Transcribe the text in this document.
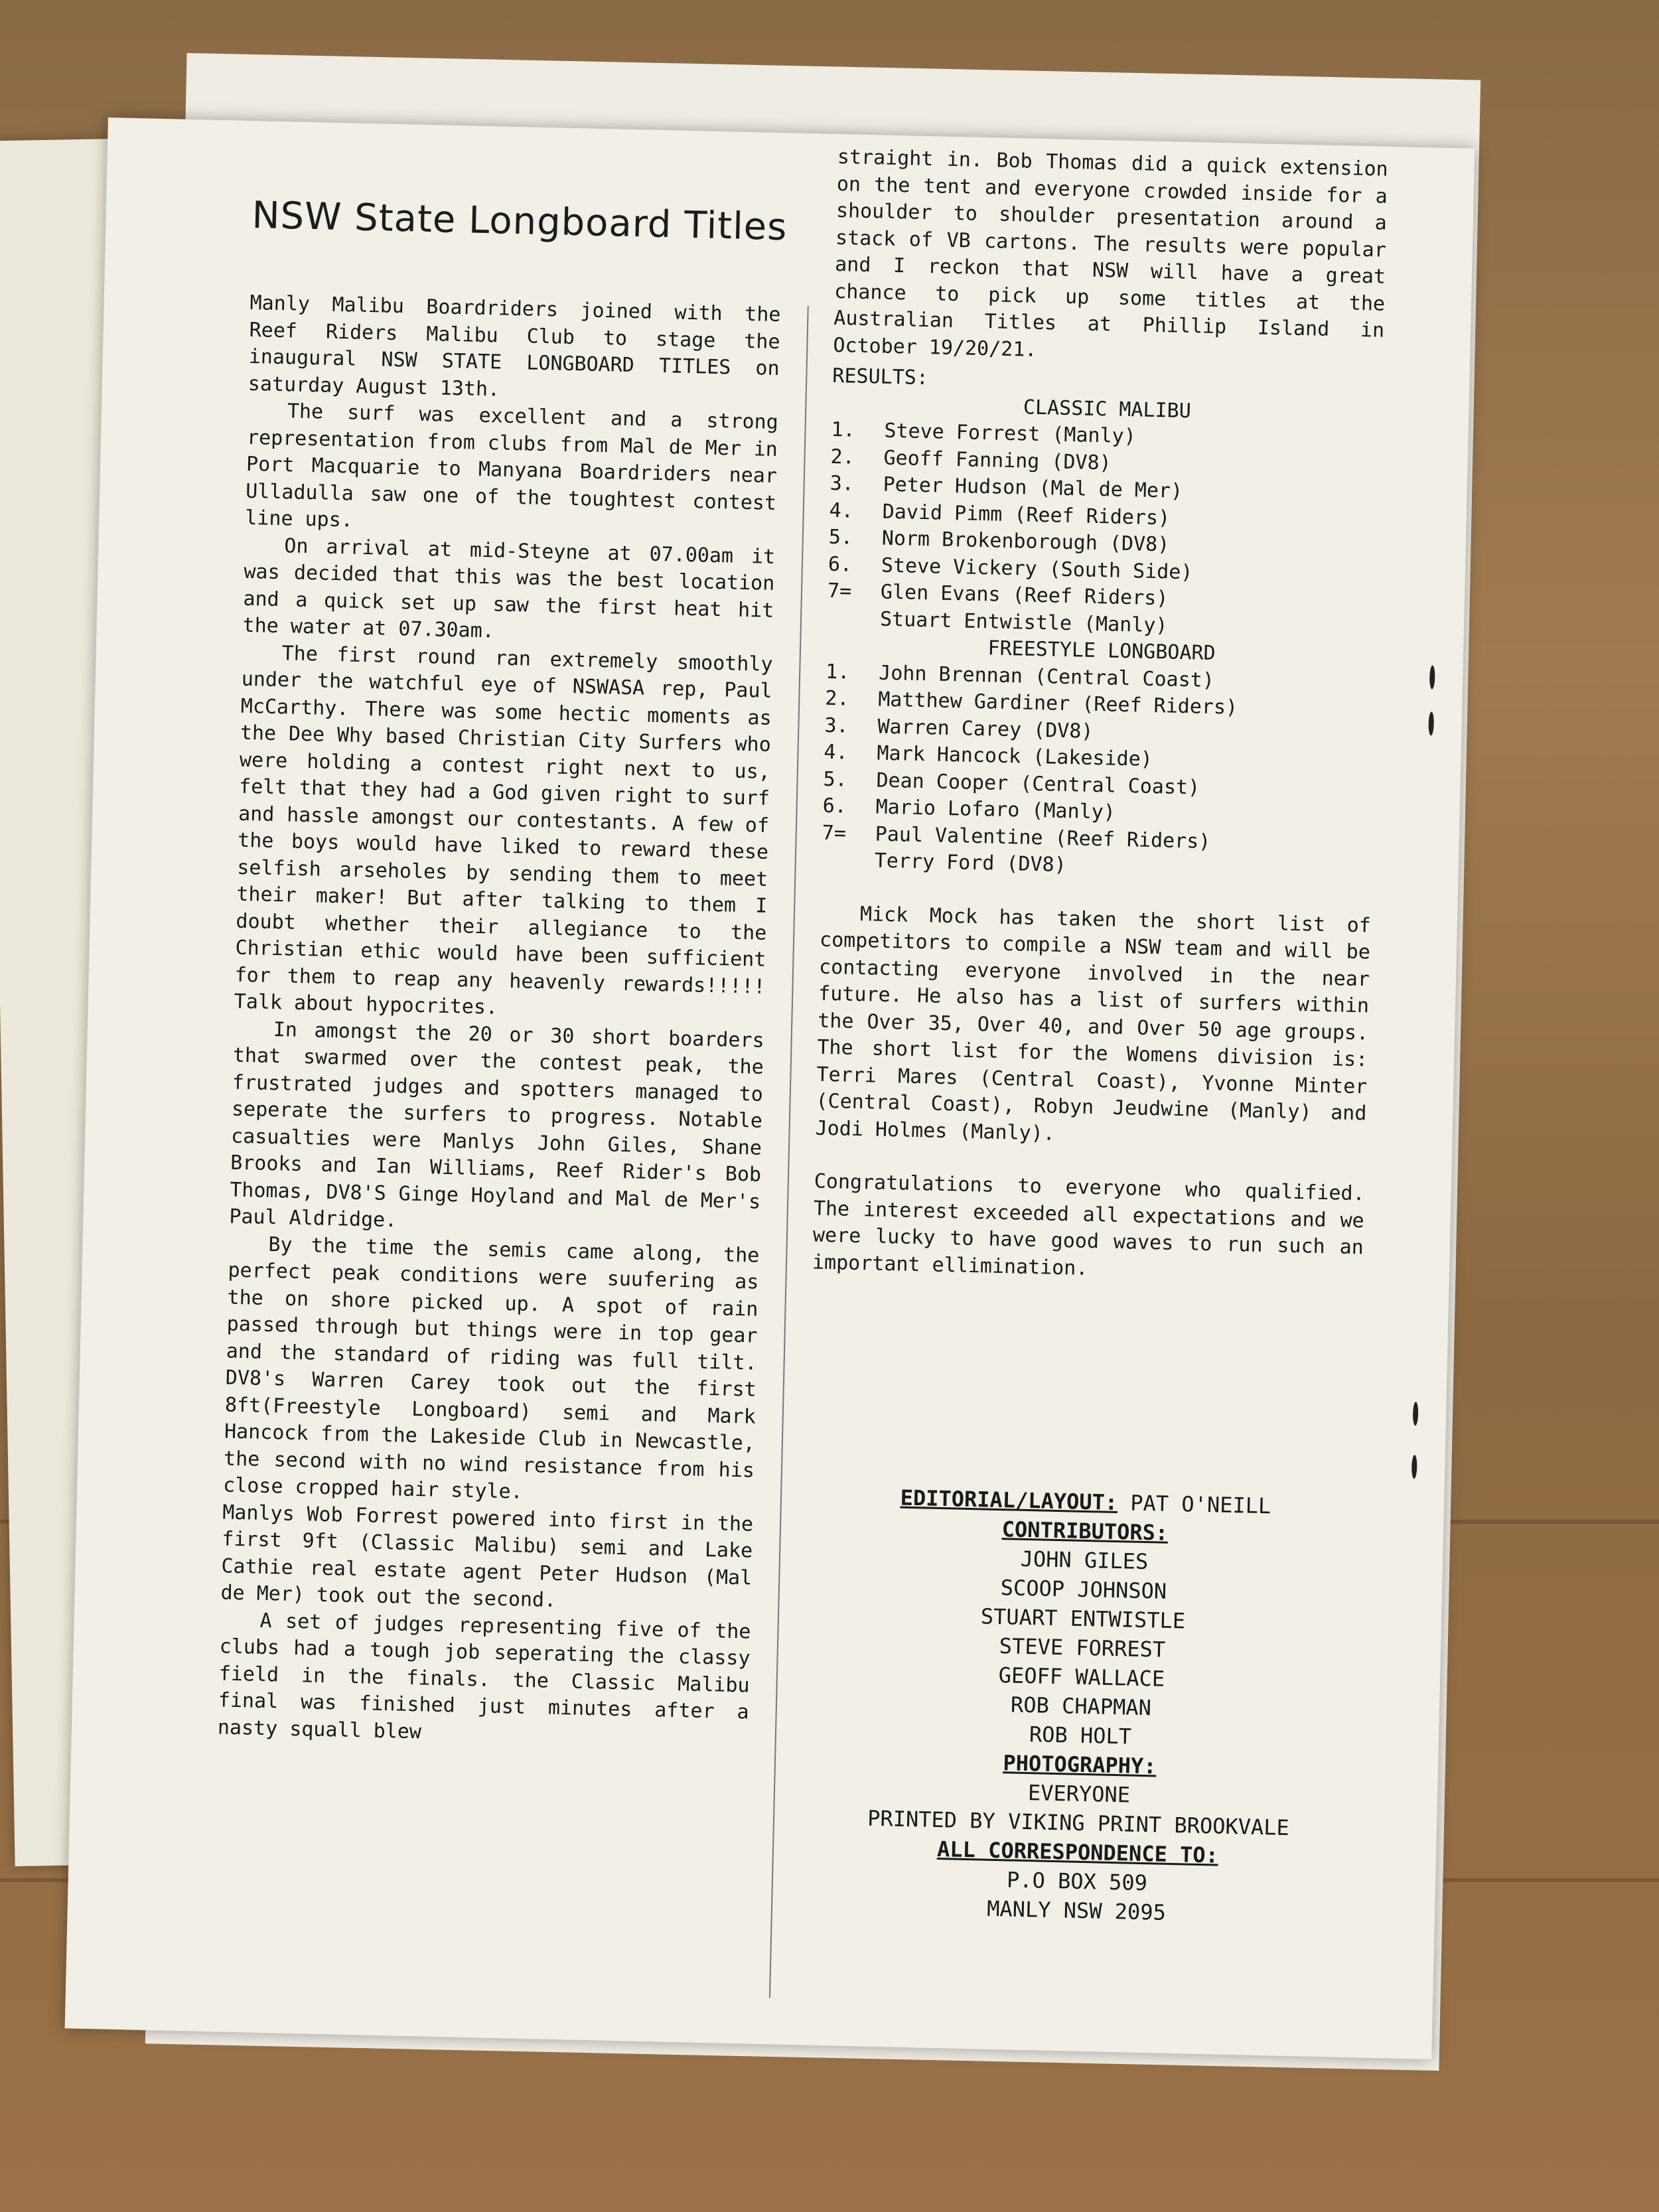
NSW State Longboard Titles

Manly Malibu Boardriders joined with the Reef Riders Malibu Club to stage the inaugural NSW STATE LONGBOARD TITLES on saturday August 13th.

The surf was excellent and a strong representation from clubs from Mal de Mer in Port Macquarie to Manyana Boardriders near Ulladulla saw one of the toughtest contest line ups.

On arrival at mid-Steyne at 07.00am it was decided that this was the best location and a quick set up saw the first heat hit the water at 07.30am.

The first round ran extremely smoothly under the watchful eye of NSWASA rep, Paul McCarthy. There was some hectic moments as the Dee Why based Christian City Surfers who were holding a contest right next to us, felt that they had a God given right to surf and hassle amongst our contestants. A few of the boys would have liked to reward these selfish arseholes by sending them to meet their maker! But after talking to them I doubt whether their allegiance to the Christian ethic would have been sufficient for them to reap any heavenly rewards!!!!! Talk about hypocrites.

In amongst the 20 or 30 short boarders that swarmed over the contest peak, the frustrated judges and spotters managed to seperate the surfers to progress. Notable casualties were Manlys John Giles, Shane Brooks and Ian Williams, Reef Rider's Bob Thomas, DV8'S Ginge Hoyland and Mal de Mer's Paul Aldridge.

By the time the semis came along, the perfect peak conditions were suufering as the on shore picked up. A spot of rain passed through but things were in top gear and the standard of riding was full tilt. DV8's Warren Carey took out the first 8ft(Freestyle Longboard) semi and Mark Hancock from the Lakeside Club in Newcastle, the second with no wind resistance from his close cropped hair style.

Manlys Wob Forrest powered into first in the first 9ft (Classic Malibu) semi and Lake Cathie real estate agent Peter Hudson (Mal de Mer) took out the second.

A set of judges representing five of the clubs had a tough job seperating the classy field in the finals. the Classic Malibu final was finished just minutes after a nasty squall blew

straight in. Bob Thomas did a quick extension on the tent and everyone crowded inside for a shoulder to shoulder presentation around a stack of VB cartons. The results were popular and I reckon that NSW will have a great chance to pick up some titles at the Australian Titles at Phillip Island in October 19/20/21.

RESULTS:
CLASSIC MALIBU
1.	Steve Forrest (Manly)
2.	Geoff Fanning (DV8)
3.	Peter Hudson (Mal de Mer)
4.	David Pimm (Reef Riders)
5.	Norm Brokenborough (DV8)
6.	Steve Vickery (South Side)
7=	Glen Evans (Reef Riders)
Stuart Entwistle (Manly)
FREESTYLE LONGBOARD
1.	John Brennan (Central Coast)
2.	Matthew Gardiner (Reef Riders)
3.	Warren Carey (DV8)
4.	Mark Hancock (Lakeside)
5.	Dean Cooper (Central Coast)
6.	Mario Lofaro (Manly)
7=	Paul Valentine (Reef Riders)
Terry Ford (DV8)

Mick Mock has taken the short list of competitors to compile a NSW team and will be contacting everyone involved in the near future. He also has a list of surfers within the Over 35, Over 40, and Over 50 age groups. The short list for the Womens division is: Terri Mares (Central Coast), Yvonne Minter (Central Coast), Robyn Jeudwine (Manly) and Jodi Holmes (Manly).

Congratulations to everyone who qualified. The interest exceeded all expectations and we were lucky to have good waves to run such an important ellimination.

EDITORIAL/LAYOUT: PAT O'NEILL
CONTRIBUTORS:
JOHN GILES
SCOOP JOHNSON
STUART ENTWISTLE
STEVE FORREST
GEOFF WALLACE
ROB CHAPMAN
ROB HOLT
PHOTOGRAPHY:
EVERYONE
PRINTED BY VIKING PRINT BROOKVALE
ALL CORRESPONDENCE TO:
P.O BOX 509
MANLY NSW 2095
